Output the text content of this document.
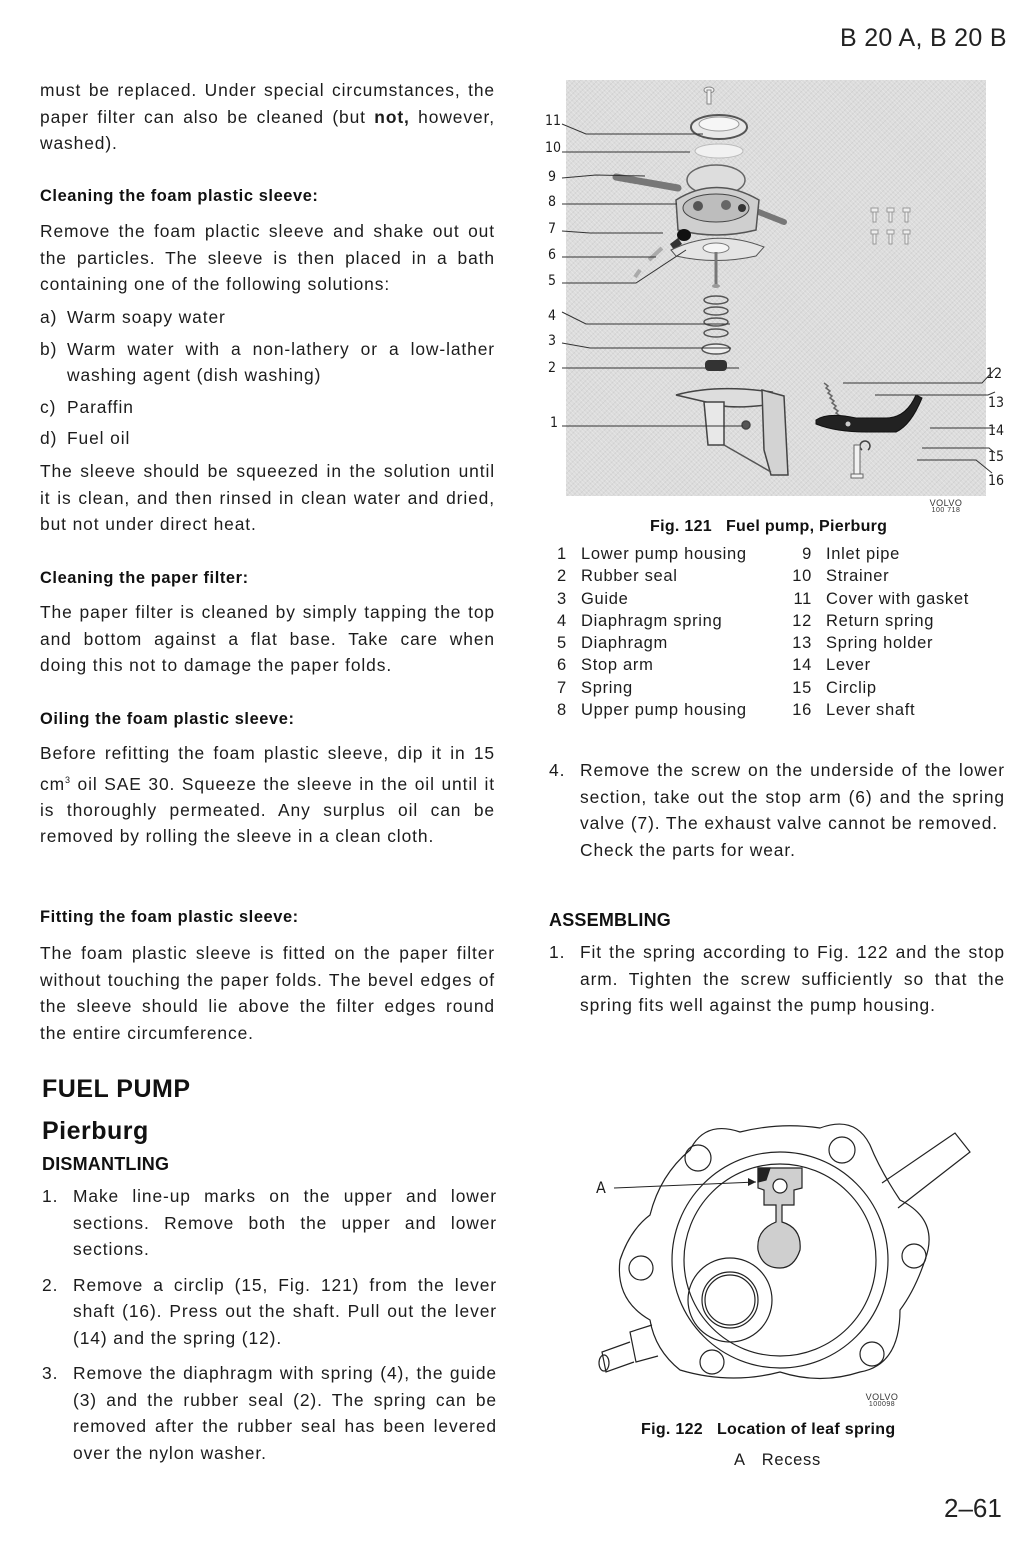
B 20 A, B 20 B
must be replaced. Under special circumstances, the paper filter can also be cleaned (but not, however, washed).
Cleaning the foam plastic sleeve:
Remove the foam plactic sleeve and shake out out the particles. The sleeve is then placed in a bath containing one of the following solutions:
a) Warm soapy water
b) Warm water with a non-lathery or a low-lather washing agent (dish washing)
c) Paraffin
d) Fuel oil
The sleeve should be squeezed in the solution until it is clean, and then rinsed in clean water and dried, but not under direct heat.
Cleaning the paper filter:
The paper filter is cleaned by simply tapping the top and bottom against a flat base. Take care when doing this not to damage the paper folds.
Oiling the foam plastic sleeve:
Before refitting the foam plastic sleeve, dip it in 15 $cm^3$ oil SAE 30. Squeeze the sleeve in the oil until it is thoroughly permeated. Any surplus oil can be removed by rolling the sleeve in a clean cloth.
Fitting the foam plastic sleeve:
The foam plastic sleeve is fitted on the paper filter without touching the paper folds. The bevel edges of the sleeve should lie above the filter edges round the entire circumference.
FUEL PUMP
Pierburg
DISMANTLING
1. Make line-up marks on the upper and lower sections. Remove both the upper and lower sections.
2. Remove a circlip (15, Fig. 121) from the lever shaft (16). Press out the shaft. Pull out the lever (14) and the spring (12).
3. Remove the diaphragm with spring (4), the guide (3) and the rubber seal (2). The spring can be removed after the rubber seal has been levered over the nylon washer.
11
10
9
8
7
6
5
4
3
2
1
12
13
14
15
16
VOLVO
100 718
Fig. 121 Fuel pump, Pierburg
1 Lower pump housing	9 Inlet pipe
2 Rubber seal	10 Strainer
3 Guide	11 Cover with gasket
4 Diaphragm spring	12 Return spring
5 Diaphragm	13 Spring holder
6 Stop arm	14 Lever
7 Spring	15 Circlip
8 Upper pump housing	16 Lever shaft
4. Remove the screw on the underside of the lower section, take out the stop arm (6) and the spring valve (7). The exhaust valve cannot be removed.
Check the parts for wear.
ASSEMBLING
1. Fit the spring according to Fig. 122 and the stop arm. Tighten the screw sufficiently so that the spring fits well against the pump housing.
A
VOLVO
100098
Fig. 122 Location of leaf spring
A Recess
2–61
